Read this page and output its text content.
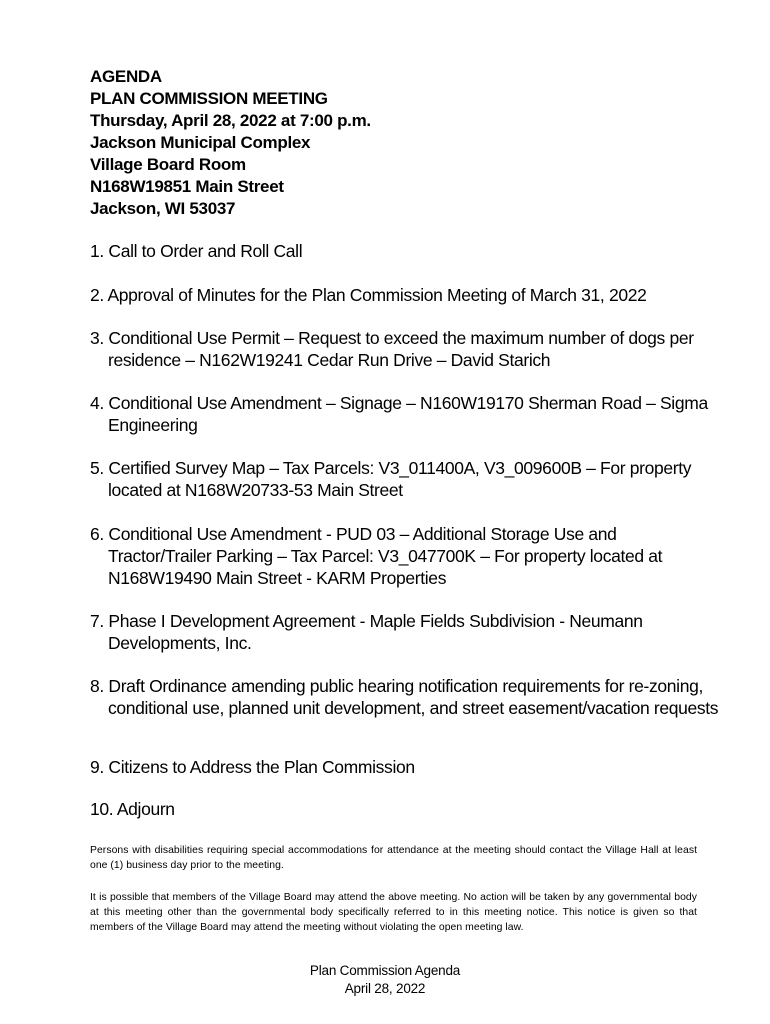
AGENDA
PLAN COMMISSION MEETING
Thursday, April 28, 2022 at 7:00 p.m.
Jackson Municipal Complex
Village Board Room
N168W19851 Main Street
Jackson, WI 53037
1. Call to Order and Roll Call
2. Approval of Minutes for the Plan Commission Meeting of March 31, 2022
3. Conditional Use Permit – Request to exceed the maximum number of dogs per residence – N162W19241 Cedar Run Drive – David Starich
4. Conditional Use Amendment – Signage – N160W19170 Sherman Road – Sigma Engineering
5. Certified Survey Map – Tax Parcels: V3_011400A, V3_009600B – For property located at N168W20733-53 Main Street
6. Conditional Use Amendment - PUD 03 – Additional Storage Use and Tractor/Trailer Parking – Tax Parcel: V3_047700K – For property located at N168W19490 Main Street - KARM Properties
7. Phase I Development Agreement - Maple Fields Subdivision - Neumann Developments, Inc.
8. Draft Ordinance amending public hearing notification requirements for re-zoning, conditional use, planned unit development, and street easement/vacation requests
9. Citizens to Address the Plan Commission
10. Adjourn

Persons with disabilities requiring special accommodations for attendance at the meeting should contact the Village Hall at least one (1) business day prior to the meeting.

It is possible that members of the Village Board may attend the above meeting. No action will be taken by any governmental body at this meeting other than the governmental body specifically referred to in this meeting notice. This notice is given so that members of the Village Board may attend the meeting without violating the open meeting law.

Plan Commission Agenda
April 28, 2022
